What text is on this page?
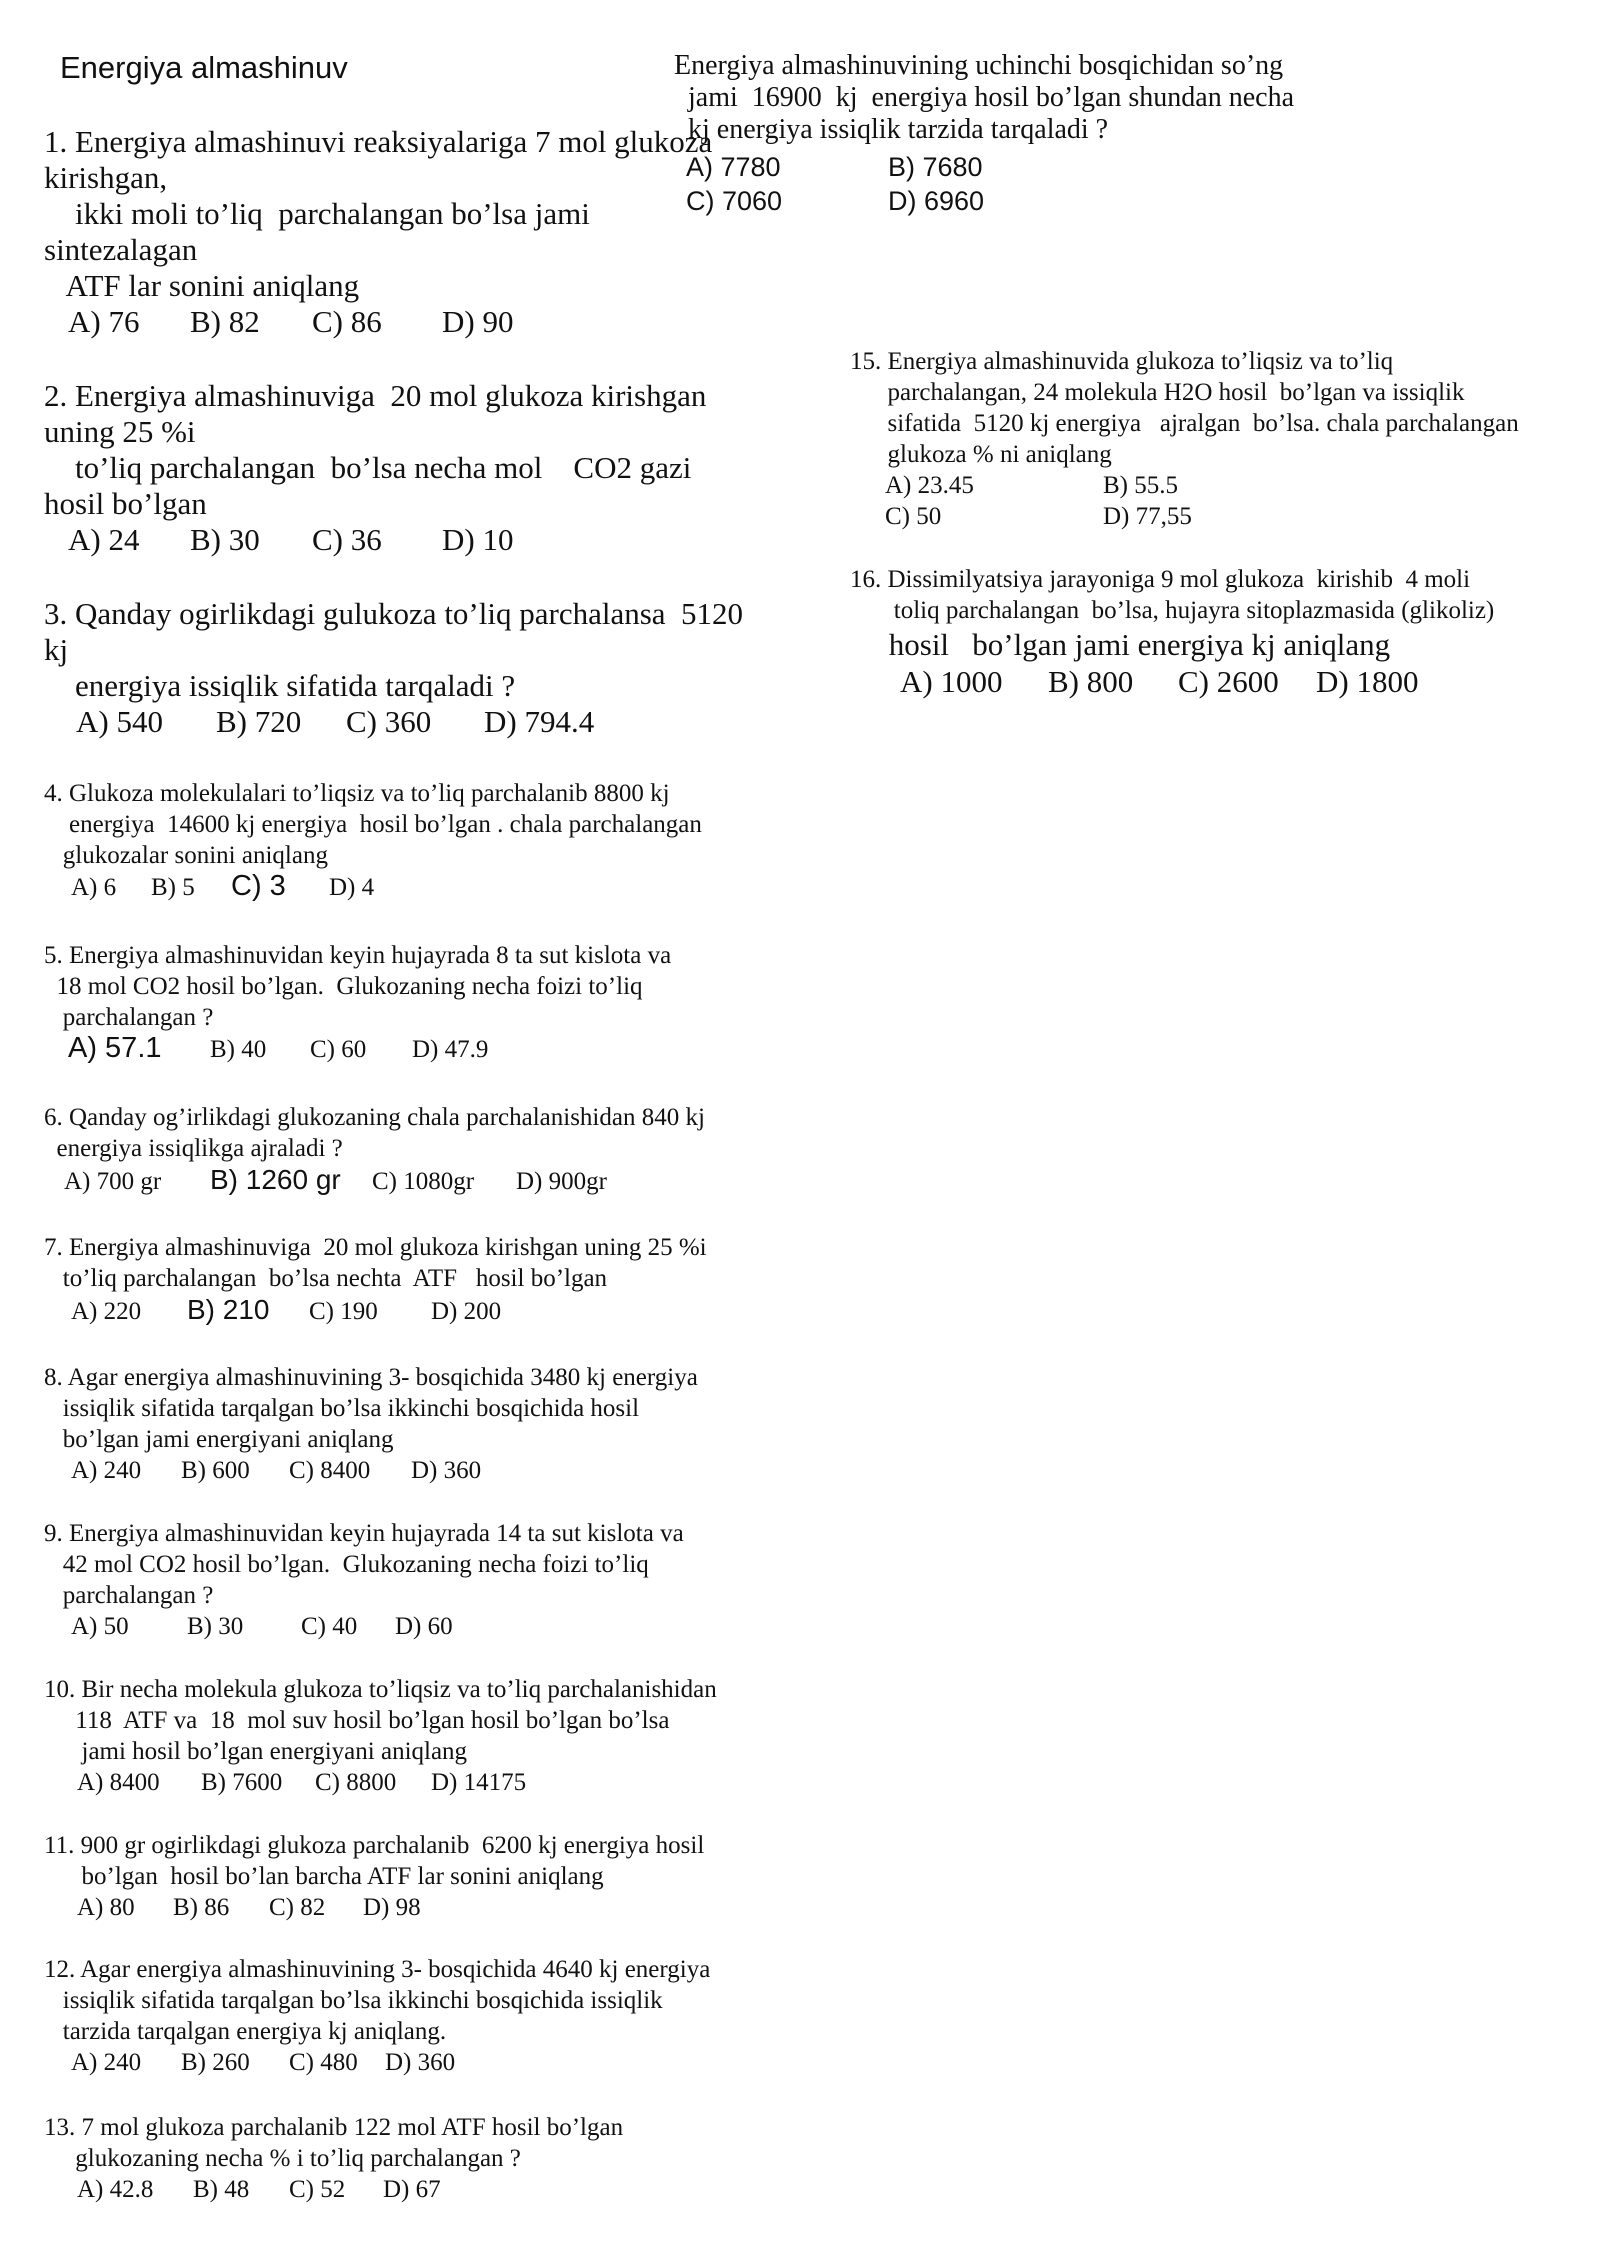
Energiya almashinuv
1. Energiya almashinuvi reaksiyalariga 7 mol glukoza
kirishgan,
ikki moli to’liq  parchalangan bo’lsa jami
sintezalagan
ATF lar sonini aniqlang
A) 76 B) 82 C) 86 D) 90
2. Energiya almashinuviga  20 mol glukoza kirishgan
uning 25 %i
to’liq parchalangan  bo’lsa necha mol    CO2 gazi
hosil bo’lgan
A) 24 B) 30 C) 36 D) 10
3. Qanday ogirlikdagi gulukoza to’liq parchalansa  5120
kj
energiya issiqlik sifatida tarqaladi ?
A) 540 B) 720 C) 360 D) 794.4
4. Glukoza molekulalari to’liqsiz va to’liq parchalanib 8800 kj
energiya  14600 kj energiya  hosil bo’lgan . chala parchalangan
glukozalar sonini aniqlang
A) 6 B) 5 C) 3 D) 4
5. Energiya almashinuvidan keyin hujayrada 8 ta sut kislota va
18 mol CO2 hosil bo’lgan.  Glukozaning necha foizi to’liq
parchalangan ?
A) 57.1 B) 40 C) 60 D) 47.9
6. Qanday og’irlikdagi glukozaning chala parchalanishidan 840 kj
energiya issiqlikga ajraladi ?
A) 700 gr B) 1260 gr C) 1080gr D) 900gr
7. Energiya almashinuviga  20 mol glukoza kirishgan uning 25 %i
to’liq parchalangan  bo’lsa nechta  ATF   hosil bo’lgan
A) 220 B) 210 C) 190 D) 200
8. Agar energiya almashinuvining 3- bosqichida 3480 kj energiya
issiqlik sifatida tarqalgan bo’lsa ikkinchi bosqichida hosil
bo’lgan jami energiyani aniqlang
A) 240 B) 600 C) 8400 D) 360
9. Energiya almashinuvidan keyin hujayrada 14 ta sut kislota va
42 mol CO2 hosil bo’lgan.  Glukozaning necha foizi to’liq
parchalangan ?
A) 50 B) 30 C) 40 D) 60
10. Bir necha molekula glukoza to’liqsiz va to’liq parchalanishidan
118  ATF va  18  mol suv hosil bo’lgan hosil bo’lgan bo’lsa
jami hosil bo’lgan energiyani aniqlang
A) 8400 B) 7600 C) 8800 D) 14175
11. 900 gr ogirlikdagi glukoza parchalanib  6200 kj energiya hosil
bo’lgan  hosil bo’lan barcha ATF lar sonini aniqlang
A) 80 B) 86 C) 82 D) 98
12. Agar energiya almashinuvining 3- bosqichida 4640 kj energiya
issiqlik sifatida tarqalgan bo’lsa ikkinchi bosqichida issiqlik
tarzida tarqalgan energiya kj aniqlang.
A) 240 B) 260 C) 480 D) 360
13. 7 mol glukoza parchalanib 122 mol ATF hosil bo’lgan
glukozaning necha % i to’liq parchalangan ?
A) 42.8 B) 48 C) 52 D) 67
Energiya almashinuvining uchinchi bosqichidan so’ng
jami  16900  kj  energiya hosil bo’lgan shundan necha
kj energiya issiqlik tarzida tarqaladi ?
A) 7780	B) 7680
C) 7060	D) 6960
15. Energiya almashinuvida glukoza to’liqsiz va to’liq
parchalangan, 24 molekula H2O hosil  bo’lgan va issiqlik
sifatida  5120 kj energiya   ajralgan  bo’lsa. chala parchalangan
glukoza % ni aniqlang
A) 23.45	B) 55.5
C) 50	D) 77,55
16. Dissimilyatsiya jarayoniga 9 mol glukoza  kirishib  4 moli
toliq parchalangan  bo’lsa, hujayra sitoplazmasida (glikoliz)
hosil   bo’lgan jami energiya kj aniqlang
A) 1000 B) 800 C) 2600 D) 1800
